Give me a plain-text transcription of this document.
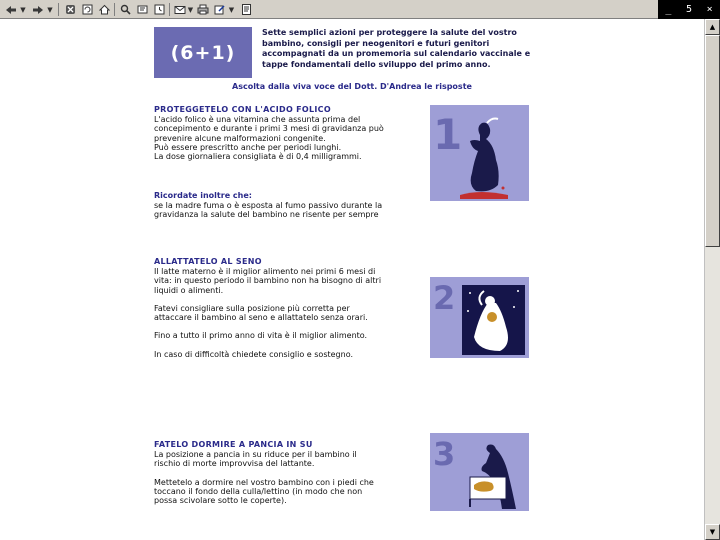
▼	▼	▼	▼	_ 5 ×
(6+1)
Sette semplici azioni per proteggere la salute del vostro bambino, consigli per neogenitori e futuri genitori accompagnati da un promemoria sul calendario vaccinale e tappe fondamentali dello sviluppo del primo anno.
Ascolta dalla viva voce del Dott. D'Andrea le risposte
PROTEGGETELO CON L'ACIDO FOLICO
L'acido folico è una vitamina che assunta prima del concepimento e durante i primi 3 mesi di gravidanza può prevenire alcune malformazioni congenite.
Può essere prescritto anche per periodi lunghi.
La dose giornaliera consigliata è di 0,4 milligrammi.
Ricordate inoltre che:
se la madre fuma o è esposta al fumo passivo durante la gravidanza la salute del bambino ne risente per sempre
1
ALLATTATELO AL SENO
Il latte materno è il miglior alimento nei primi 6 mesi di vita: in questo periodo il bambino non ha bisogno di altri liquidi o alimenti.
Fatevi consigliare sulla posizione più corretta per attaccare il bambino al seno e allattatelo senza orari.
Fino a tutto il primo anno di vita è il miglior alimento.
In caso di difficoltà chiedete consiglio e sostegno.
2
FATELO DORMIRE A PANCIA IN SU
La posizione a pancia in su riduce per il bambino il rischio di morte improvvisa del lattante.
Mettetelo a dormire nel vostro bambino con i piedi che toccano il fondo della culla/lettino (in modo che non possa scivolare sotto le coperte).
3
▲
▼
